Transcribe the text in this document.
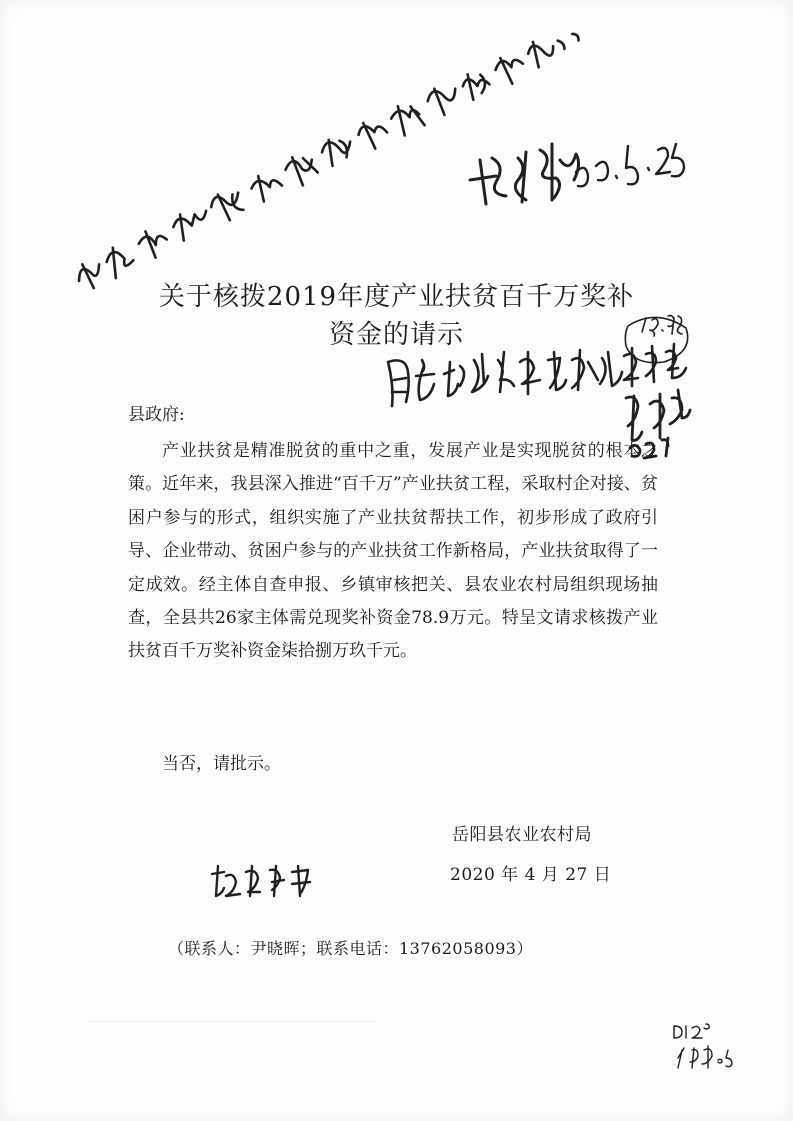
关于核拨2019年度产业扶贫百千万奖补
资金的请示
县政府:
产业扶贫是精准脱贫的重中之重，发展产业是实现脱贫的根本之策。近年来，我县深入推进“百千万”产业扶贫工程，采取村企对接、贫困户参与的形式，组织实施了产业扶贫帮扶工作，初步形成了政府引导、企业带动、贫困户参与的产业扶贫工作新格局，产业扶贫取得了一定成效。经主体自查申报、乡镇审核把关、县农业农村局组织现场抽查，全县共26家主体需兑现奖补资金78.9万元。特呈文请求核拨产业扶贫百千万奖补资金柒拾捌万玖千元。
当否，请批示。
岳阳县农业农村局
2020 年 4 月 27 日
（联系人：尹晓晖；联系电话：13762058093）
